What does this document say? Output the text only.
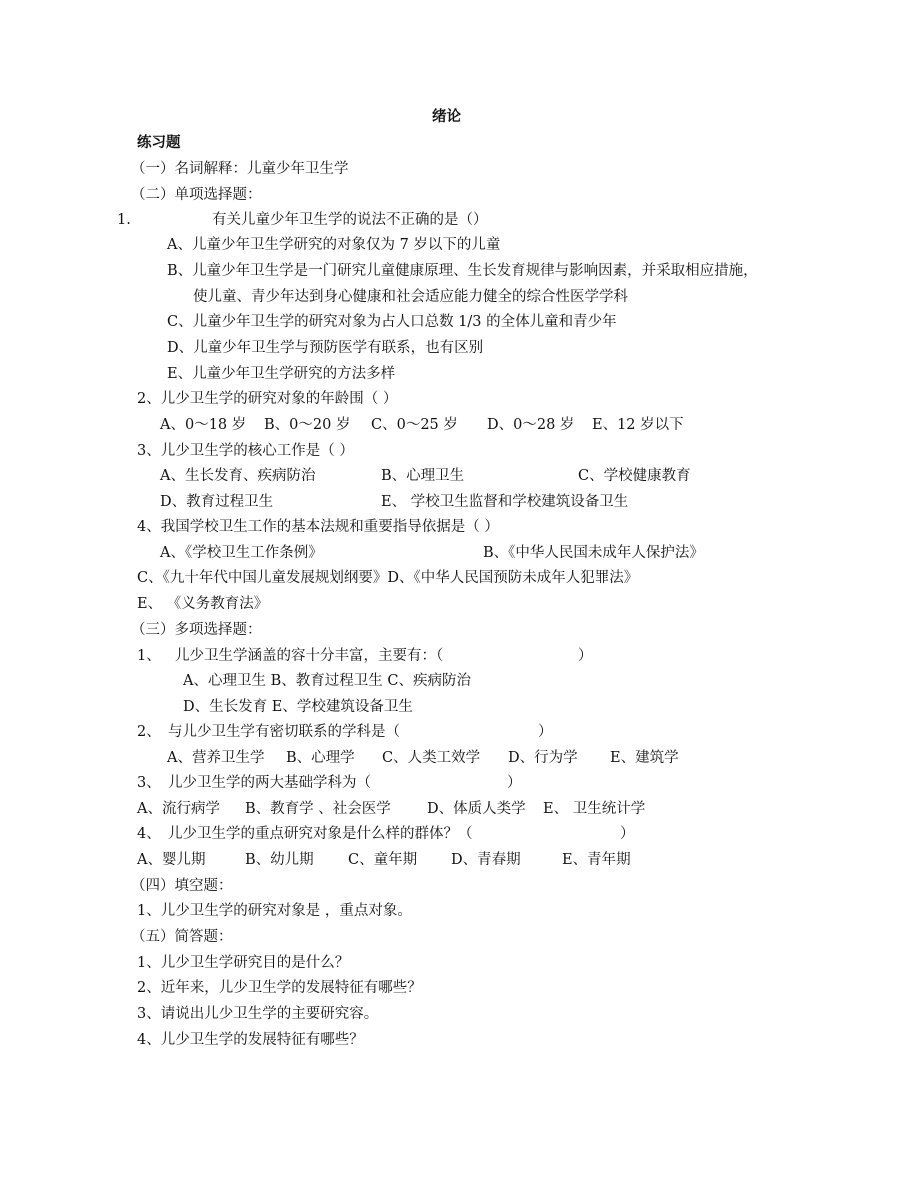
绪论
练习题
（一）名词解释：儿童少年卫生学
（二）单项选择题：
1.	有关儿童少年卫生学的说法不正确的是（）
A、儿童少年卫生学研究的对象仅为 7 岁以下的儿童
B、儿童少年卫生学是一门研究儿童健康原理、生长发育规律与影响因素，并采取相应措施，
使儿童、青少年达到身心健康和社会适应能力健全的综合性医学学科
C、儿童少年卫生学的研究对象为占人口总数 1/3 的全体儿童和青少年
D、儿童少年卫生学与预防医学有联系，也有区别
E、儿童少年卫生学研究的方法多样
2、儿少卫生学的研究对象的年龄围（ ）
A、0～18 岁 B、0～20 岁 C、0～25 岁 D、0～28 岁 E、12 岁以下
3、儿少卫生学的核心工作是（ ）
A、生长发育、疾病防治	B、心理卫生	C、学校健康教育
D、教育过程卫生	E、 学校卫生监督和学校建筑设备卫生
4、我国学校卫生工作的基本法规和重要指导依据是（ ）
A、《学校卫生工作条例》	B、《中华人民国未成年人保护法》
C、《九十年代中国儿童发展规划纲要》D、《中华人民国预防未成年人犯罪法》
E、 《义务教育法》
（三）多项选择题：
1、 儿少卫生学涵盖的容十分丰富，主要有：（	）
A、心理卫生 B、教育过程卫生 C、疾病防治
D、生长发育 E、学校建筑设备卫生
2、 与儿少卫生学有密切联系的学科是（	）
A、营养卫生学 B、心理学 C、人类工效学 D、行为学 E、建筑学
3、 儿少卫生学的两大基础学科为（	）
A、流行病学 B、教育学 、社会医学 D、体质人类学 E、 卫生统计学
4、 儿少卫生学的重点研究对象是什么样的群体？（	）
A、婴儿期	B、幼儿期 C、童年期 D、青春期	E、青年期
（四）填空题：
1、儿少卫生学的研究对象是 ，重点对象。
（五）简答题：
1、儿少卫生学研究目的是什么？
2、近年来，儿少卫生学的发展特征有哪些？
3、请说出儿少卫生学的主要研究容。
4、儿少卫生学的发展特征有哪些？
